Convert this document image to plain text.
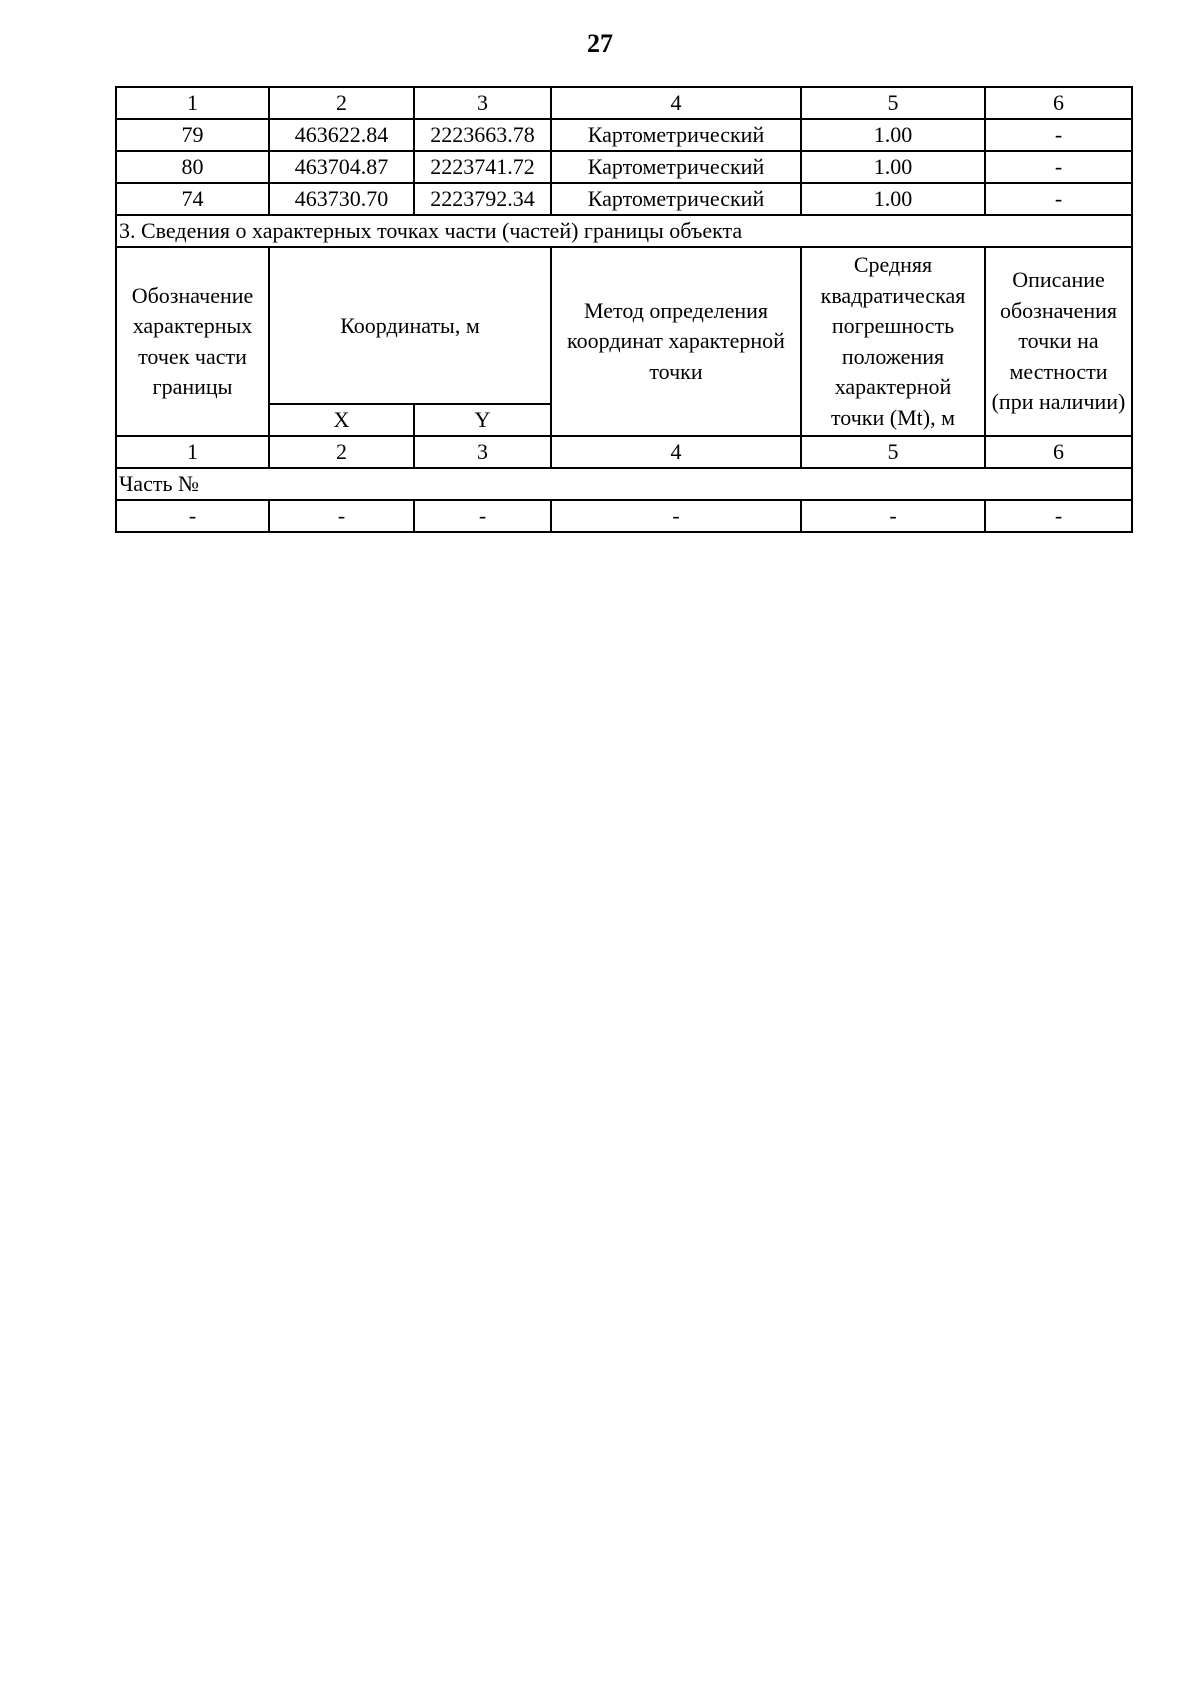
27
1	2	3	4	5	6
79	463622.84	2223663.78	Картометрический	1.00	-
80	463704.87	2223741.72	Картометрический	1.00	-
74	463730.70	2223792.34	Картометрический	1.00	-
3. Сведения о характерных точках части (частей) границы объекта					
Обозначение характерных точек части границы	Координаты, м		Метод определения координат характерной точки	Средняя квадратическая погрешность положения характерной точки (Mt), м	Описание обозначения точки на местности (при наличии)
	X	Y			
1	2	3	4	5	6
Часть №					
-	-	-	-	-	-
